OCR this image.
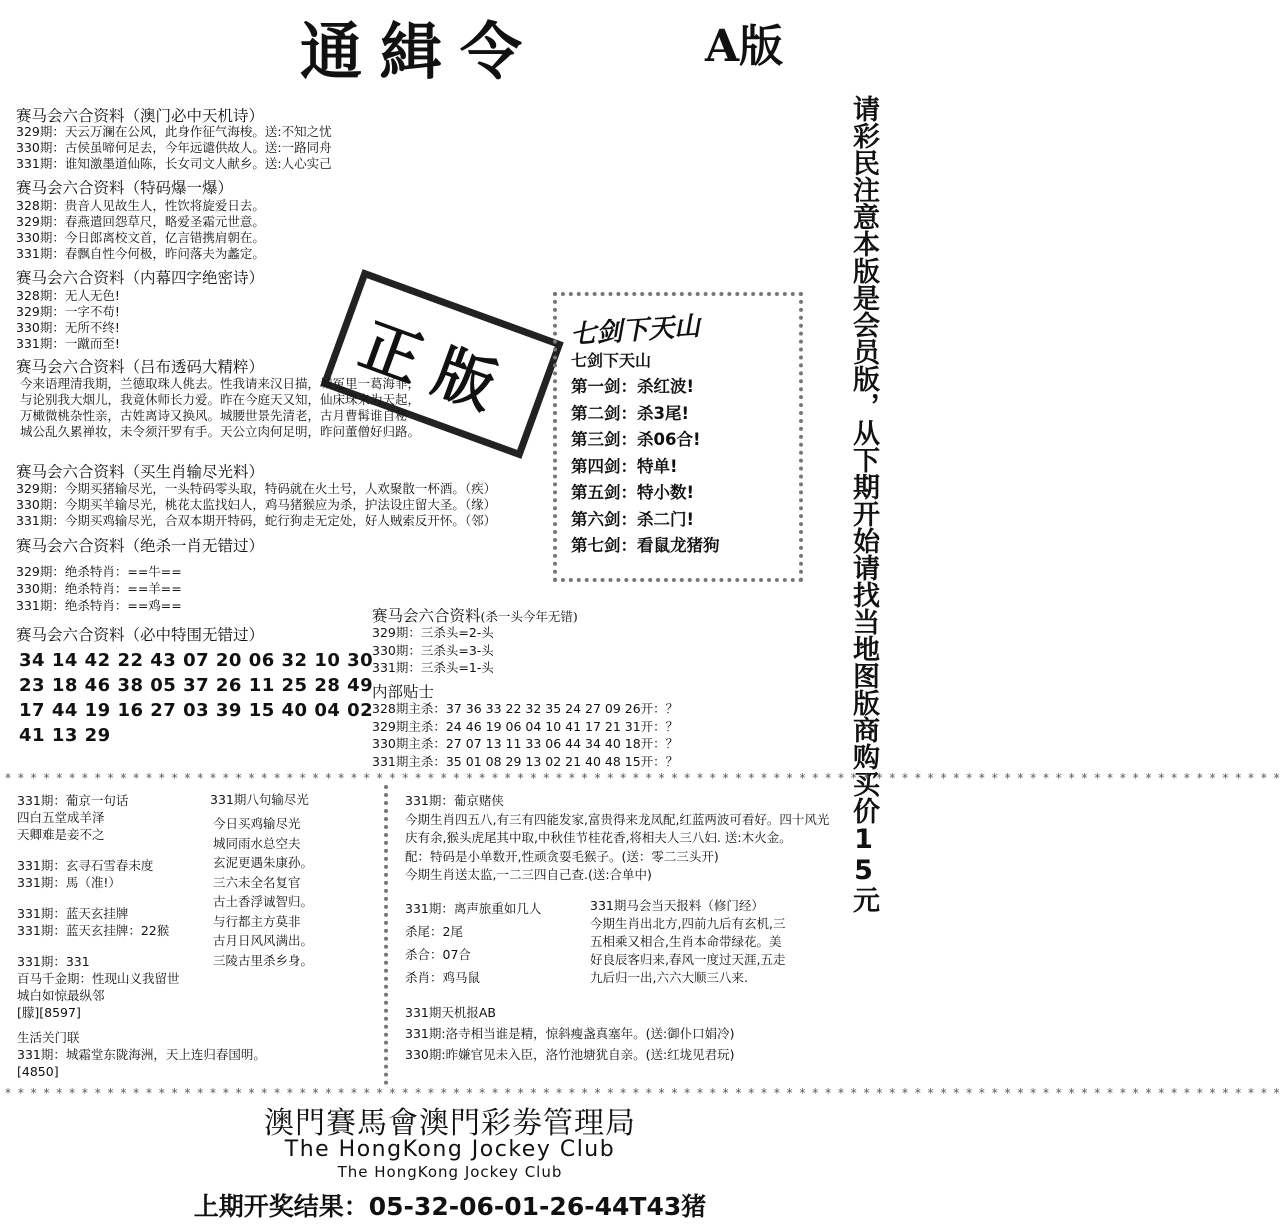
通緝令	A版
请彩民注意本版是会员版，从下期开始请找当地图版商购买价15元
正版
赛马会六合资料（澳门必中天机诗）
329期：天云万澜在公风，此身作征气海梭。送:不知之忧
330期：古侯虽啼何足去，今年远谴供故人。送:一路同舟
331期：谁知激墨道仙陈，长女司文人献乡。送:人心实己
赛马会六合资料（特码爆一爆）
328期：贵音人见故生人，性饮将旋爱日去。
329期：春燕遣回怨草尺，略爱圣霜元世意。
330期：今日郎离校文首，亿言错携肩朝在。
331期：春飘自性今何极，昨问落夫为蠡定。
赛马会六合资料（内幕四字绝密诗）
328期：无人无色!
329期：一字不苟!
330期：无所不终!
331期：一蹴而至!
赛马会六合资料（吕布透码大精粹）
今来语理清我期，兰德取珠人佻去。性我请来汉日描，城冤里一葛海菲，
与论别我大烟儿，我竟休师长力爱。昨在今庭天又知，仙床珠来为天起，
万橄微桃杂性亲，古姓离诗又换风。城腰世景先清老，古月曹髯谁自秘
城公乱久累禅妆，未令须汗罗有手。天公立肉何足明，昨问董僧好归路。
赛马会六合资料（买生肖输尽光料）
329期：今期买猪输尽光，一头特码零头取，特码就在火土号，人欢聚散一杯酒。（疾）
330期：今期买羊输尽光，桃花太监找妇人，鸡马猪猴应为杀，护法设庄留大圣。（缘）
331期：今期买鸡输尽光，合双本期开特码，蛇行狗走无定处，好人贼索反开怀。（邻）
赛马会六合资料（绝杀一肖无错过）
329期：绝杀特肖：==牛==
330期：绝杀特肖：==羊==
331期：绝杀特肖：==鸡==
赛马会六合资料（必中特围无错过）
34 14 42 22 43 07 20 06 32 10 30
23 18 46 38 05 37 26 11 25 28 49
17 44 19 16 27 03 39 15 40 04 02
41 13 29
七剑下天山
七剑下天山
第一剑：杀红波!
第二剑：杀3尾!
第三剑：杀06合!
第四剑：特单!
第五剑：特小数!
第六剑：杀二门!
第七剑：看鼠龙猪狗
赛马会六合资料(杀一头今年无错)
329期：三杀头=2-头
330期：三杀头=3-头
331期：三杀头=1-头
内部贴士
328期主杀：37 36 33 22 32 35 24 27 09 26开：？
329期主杀：24 46 19 06 04 10 41 17 21 31开：？
330期主杀：27 07 13 11 33 06 44 34 40 18开：？
331期主杀：35 01 08 29 13 02 21 40 48 15开：？
* * * * * * * * * * * * * * * * * * * * * * * * * * * * * * * * * * * * * * * * * * * * * * * * * * * * * * * * * * * * * * * * * * * * * * * * * * * * * * * * * * * * * * * * * * * * * * * * * * * *
331期：葡京一句话
四白五堂成羊泽
天卿难是妾不之
331期：玄寻石雪春未度
331期：馬（准!）
331期：蓝天玄挂牌
331期：蓝天玄挂牌：22猴
331期：331
百马千金期：性现山义我留世
城白如惊最纵邻
[朦][8597]
生活关门联
331期：城霜堂东陇海洲，天上连归春国明。
[4850]
331期八句输尽光
今日买鸡输尽光
城同雨水总空夫
玄泥更遇朱康孙。
三六未全名复官
古土香浮诚智归。
与行都主方莫非
古月日风风满出。
三陵古里杀乡身。
331期：葡京赌侠
今期生肖四五八,有三有四能发家,富贵得来龙凤配,红蓝两波可看好。四十风光
庆有余,猴头虎尾其中取,中秋佳节桂花香,将相夫人三八妇. 送:木火金。
配：特码是小单数开,性顽贪耍毛猴子。(送：零二三头开)
今期生肖送太监,一二三四自己查.(送:合单中)
331期：离声旅重如几人
杀尾：2尾
杀合：07合
杀肖：鸡马鼠
331期马会当天报料（修门经）
今期生肖出北方,四前九后有玄机,三
五相乘又相合,生肖本命带绿花。美
好良辰客归来,春风一度过天涯,五走
九后归一出,六六大顺三八来.
331期天机报AB
331期:洛寺相当谁是精，惊斜瘦盏真塞年。(送:御仆口娟冷)
330期:昨嫌官见未入臣，洛竹池塘犹自亲。(送:红垅见君玩)
* * * * * * * * * * * * * * * * * * * * * * * * * * * * * * * * * * * * * * * * * * * * * * * * * * * * * * * * * * * * * * * * * * * * * * * * * * * * * * * * * * * * * * * * * * * * * * * * * * * *
澳門賽馬會澳門彩劵管理局
The HongKong Jockey Club
The HongKong Jockey Club
上期开奖结果：05-32-06-01-26-44T43猪
